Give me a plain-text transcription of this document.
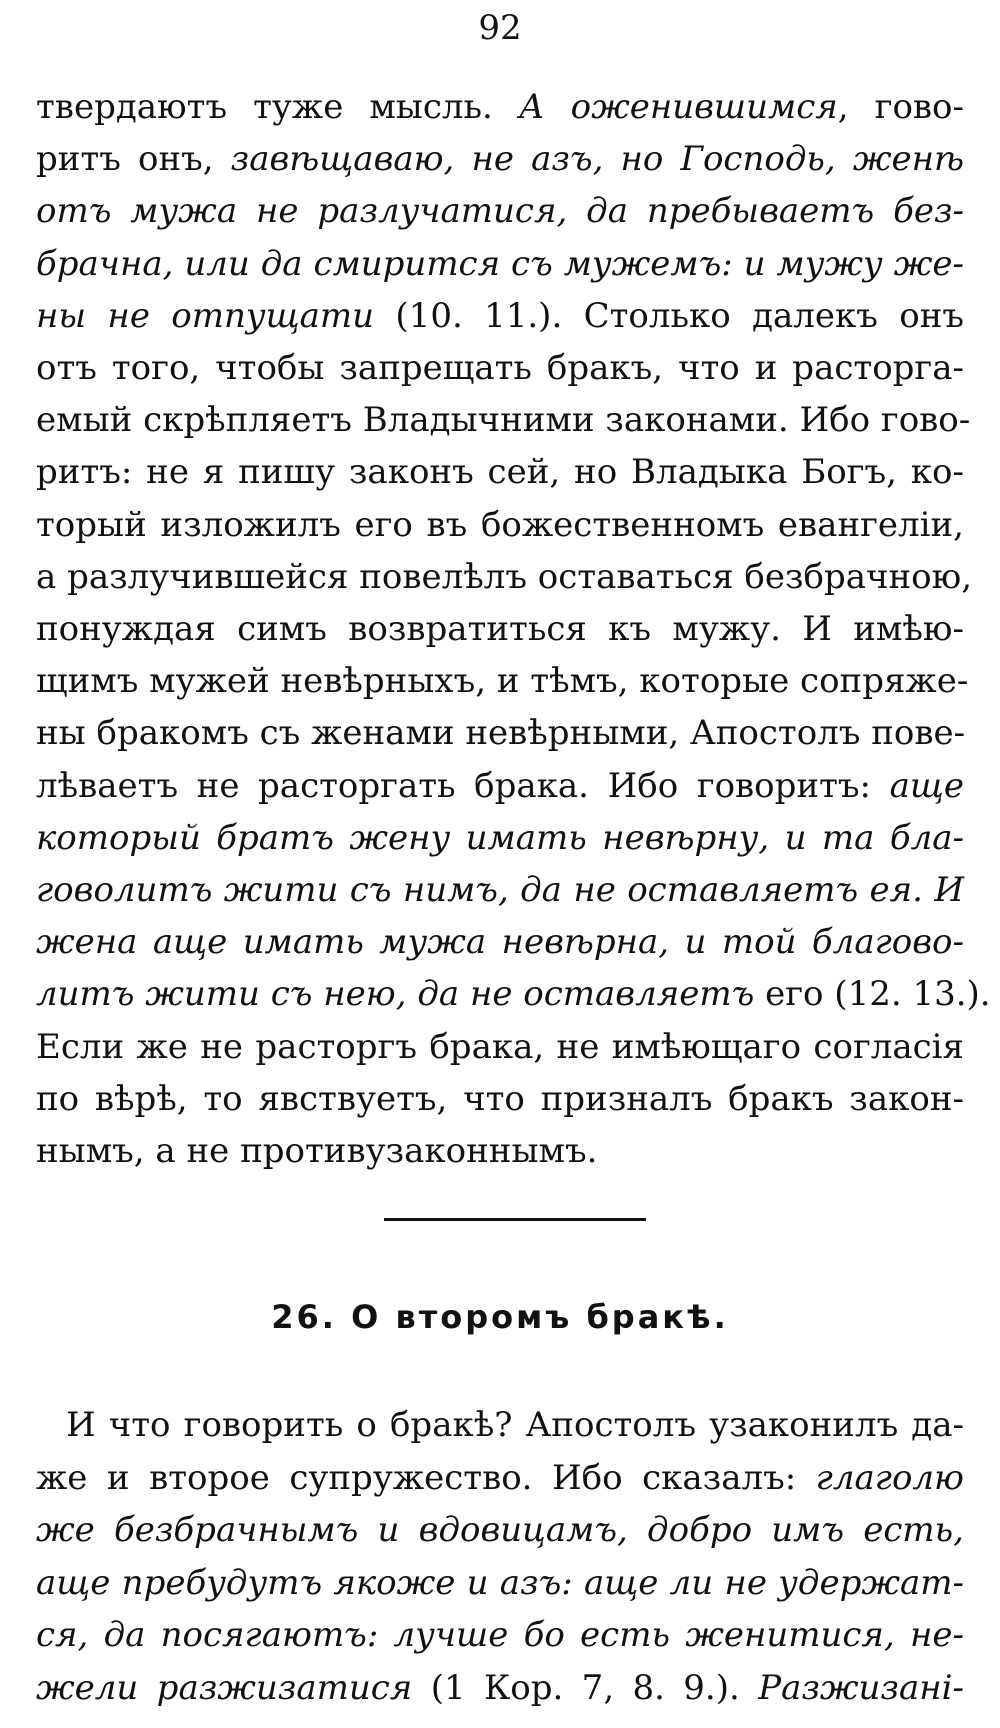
92
твердаютъ тужe мысль. А оженившимся, гово-
ритъ онъ, завѣщаваю, не азъ, но Господь, женѣ
отъ мужа не разлучатися, да пребываетъ без-
брачна, или да смирится съ мужемъ: и мужу же-
ны не отпущати (10. 11.). Столько далекъ онъ
отъ того, чтобы запрещать бракъ, что и расторга-
емый скрѣпляетъ Владычними законами. Ибо гово-
ритъ: не я пишу законъ сей, но Владыка Богъ, ко-
торый изложилъ его въ божественномъ евангеліи,
а разлучившейся повелѣлъ оставаться безбрачною,
понуждая симъ возвратиться къ мужу. И имѣю-
щимъ мужей невѣрныхъ, и тѣмъ, которые сопряже-
ны бракомъ съ женами невѣрными, Апостолъ пове-
лѣваетъ не расторгать брака. Ибо говоритъ: аще
который братъ жену имать невѣрну, и та бла-
говолитъ жити съ нимъ, да не оставляетъ ея. И
жена аще имать мужа невѣрна, и той благово-
литъ жити съ нею, да не оставляетъ его (12. 13.).
Если же не расторгъ брака, не имѣющаго согласія
по вѣрѣ, то явствуетъ, что призналъ бракъ закон-
нымъ, а не противузаконнымъ.
26. О второмъ бракѣ.
И что говорить о бракѣ? Апостолъ узаконилъ да-
же и второе супружество. Ибо сказалъ: глаголю
же безбрачнымъ и вдовицамъ, добро имъ есть,
аще пребудутъ якоже и азъ: аще ли не удержат-
ся, да посягаютъ: лучше бо есть женитися, не-
жели разжизатися (1 Кор. 7, 8. 9.). Разжизані-
